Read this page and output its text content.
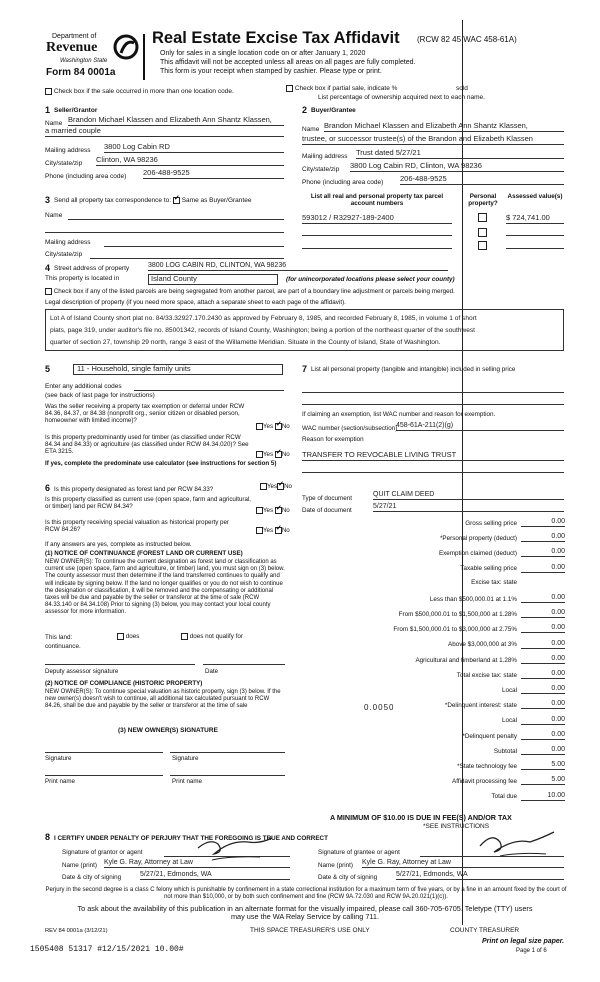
Department of
Revenue
Washington State
Form 84 0001a
Real Estate Excise Tax Affidavit (RCW 82 45 WAC 458-61A)
Only for sales in a single location code on or after January 1, 2020
This affidavit will not be accepted unless all areas on all pages are fully completed.
This form is your receipt when stamped by cashier. Please type or print.
Check box if the sale occurred in more than one location code.	Check box if partial sale, indicate %	sold
List percentage of ownership acquired next to each name.
1 Seller/Grantor
Name Brandon Michael Klassen and Elizabeth Ann Shantz Klassen,
a married couple
Mailing address 3800 Log Cabin RD
City/state/zip Clinton, WA 98236
Phone (including area code) 206-488-9525
2 Buyer/Grantee
Name Brandon Michael Klassen and Elizabeth Ann Shantz Klassen,
trustee, or successor trustee(s) of the Brandon and Elizabeth Klassen
Mailing address Trust dated 5/27/21
City/state/zip 3800 Log Cabin RD, Clinton, WA 98236
Phone (including area code) 206-488-9525
3 Send all property tax correspondence to: ✓ Same as Buyer/Grantee
Name
Mailing address
City/state/zip
List all real and personal property tax parcel account numbers
Personal property?
Assessed value(s)
593012 / R32927-189-2400	$ 724,741.00
4 Street address of property	3800 LOG CABIN RD, CLINTON, WA 98236
This property is located in	Island County	(for unincorporated locations please select your county)
Check box if any of the listed parcels are being segregated from another parcel, are part of a boundary line adjustment or parcels being merged.
Legal description of property (if you need more space, attach a separate sheet to each page of the affidavit).
Lot A of Island County short plat no. 84/33.32927.170.2430 as approved by February 8, 1985, and recorded February 8, 1985, in volume 1 of short
plats, page 319, under auditor's file no. 85001342, records of Island County, Washington; being a portion of the northeast quarter of the southwest
quarter of section 27, township 29 north, range 3 east of the Willamette Meridian. Situate in the County of Island, State of Washington.
5	11 - Household, single family units
Enter any additional codes
(see back of last page for instructions)
Was the seller receiving a property tax exemption or deferral under RCW 84.36, 84.37, or 84.38 (nonprofit org., senior citizen or disabled person, homeowner with limited income)?
Yes ✓ No
Is this property predominantly used for timber (as classified under RCW 84.34 and 84.33) or agriculture (as classified under RCW 84.34.020)? See ETA 3215.	Yes ✓ No
If yes, complete the predominate use calculator (see instructions for section 5)
6 Is this property designated as forest land per RCW 84.33?	Yes ✓ No
Is this property classified as current use (open space, farm and agricultural, or timber) land per RCW 84.34?
Yes ✓ No
Is this property receiving special valuation as historical property per RCW 84.26?	Yes ✓ No
If any answers are yes, complete as instructed below.
(1) NOTICE OF CONTINUANCE (FOREST LAND OR CURRENT USE)
NEW OWNER(S): To continue the current designation as forest land or classification as current use (open space, farm and agriculture, or timber) land, you must sign on (3) below. The county assessor must then determine if the land transferred continues to qualify and will indicate by signing below. If the land no longer qualifies or you do not wish to continue the designation or classification, it will be removed and the compensating or additional taxes will be due and payable by the seller or transferor at the time of sale (RCW 84.33.140 or 84.34.108) Prior to signing (3) below, you may contact your local county assessor for more information.
This land:	does	does not qualify for
continuance.
Deputy assessor signature	Date
(2) NOTICE OF COMPLIANCE (HISTORIC PROPERTY)
NEW OWNER(S): To continue special valuation as historic property, sign (3) below. If the new owner(s) doesn't wish to continue, all additional tax calculated pursuant to RCW 84.26, shall be due and payable by the seller or transferor at the time of sale
(3) NEW OWNER(S) SIGNATURE
Signature	Signature
Print name	Print name
7 List all personal property (tangible and intangible) included in selling price
If claiming an exemption, list WAC number and reason for exemption.
WAC number (section/subsection)
458-61A-211(2)(g)
Reason for exemption
TRANSFER TO REVOCABLE LIVING TRUST
Type of document
QUIT CLAIM DEED
Date of document
5/27/21
Gross selling price	0.00
*Personal property (deduct)	0.00
Exemption claimed (deduct)	0.00
Taxable selling price	0.00
Excise tax: state
Less than $500,000.01 at 1.1%	0.00
From $500,000.01 to $1,500,000 at 1.28%	0.00
From $1,500,000.01 to $3,000,000 at 2.75%	0.00
Above $3,000,000 at 3%	0.00
Agricultural and timberland at 1.28%	0.00
Total excise tax: state	0.00
Local	0.00
*Delinquent interest: state	0.00
Local	0.00
*Delinquent penalty	0.00
Subtotal	0.00
*State technology fee	5.00
Affidavit processing fee	5.00
Total due	10.00
0.0050
A MINIMUM OF $10.00 IS DUE IN FEE(S) AND/OR TAX
*SEE INSTRUCTIONS
8 I CERTIFY UNDER PENALTY OF PERJURY THAT THE FOREGOING IS TRUE AND CORRECT
Signature of grantor or agent
Name (print) Kyle G. Ray, Attorney at Law
Date & city of signing	5/27/21, Edmonds, WA
Signature of grantee or agent
Name (print) Kyle G. Ray, Attorney at Law
Date & city of signing	5/27/21, Edmonds, WA
Perjury in the second degree is a class C felony which is punishable by confinement in a state correctional institution for a maximum term of five years, or by a fine in an amount fixed by the court of not more than $10,000, or by both such confinement and fine (RCW 9A.72.030 and RCW 9A.20.021(1)(c)).
To ask about the availability of this publication in an alternate format for the visually impaired, please call 360-705-6705. Teletype (TTY) users may use the WA Relay Service by calling 711.
REV 84 0001a (3/12/21)	THIS SPACE TREASURER'S USE ONLY	COUNTY TREASURER
1505408 51317 #12/15/2021 10.00#
Print on legal size paper.
Page 1 of 6
